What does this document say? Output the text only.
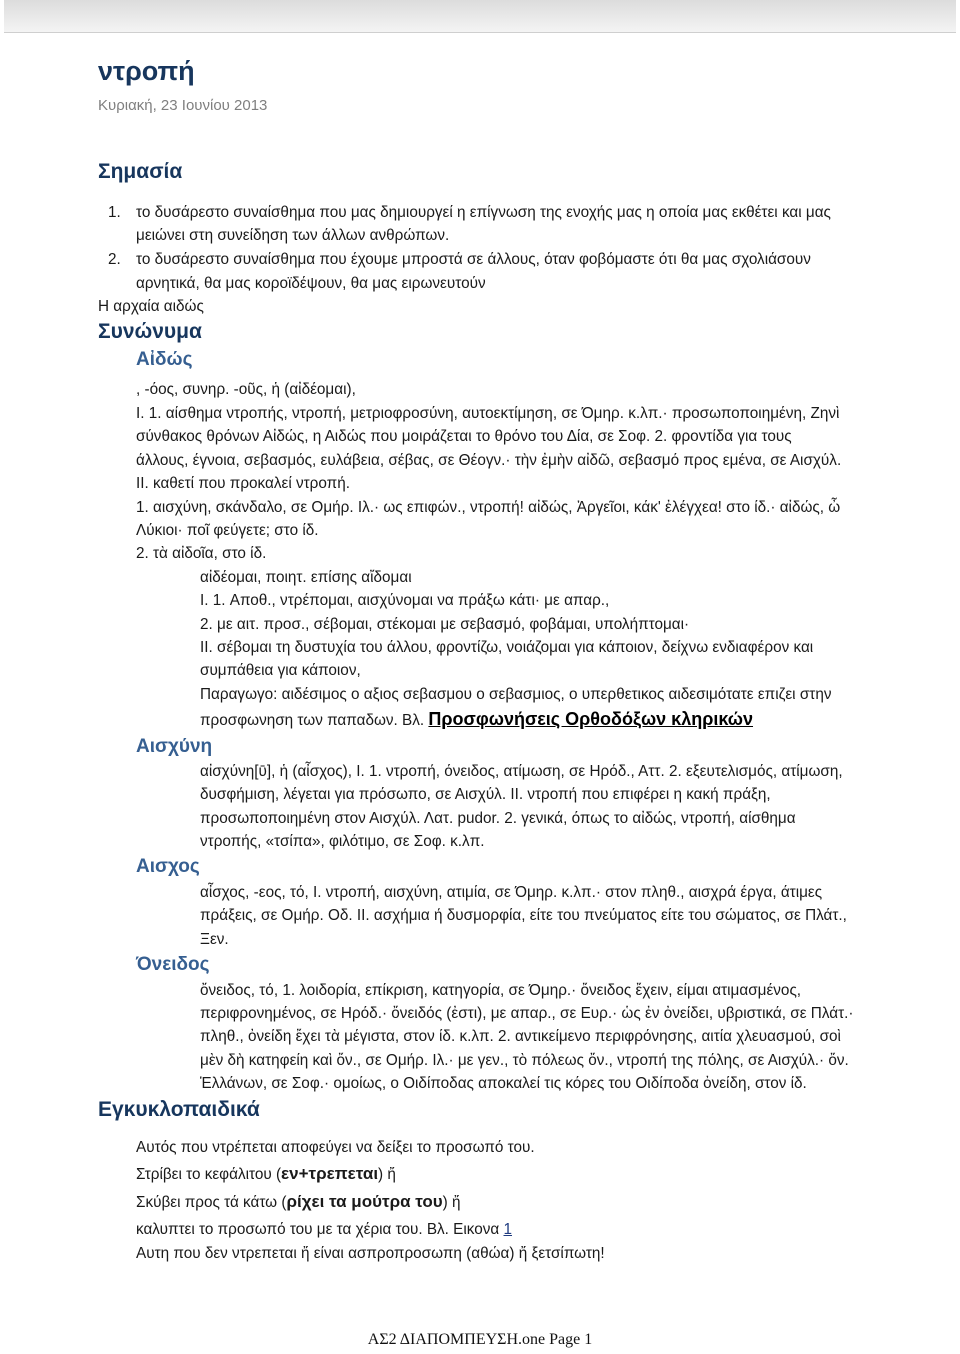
ντροπή
Κυριακή, 23 Ιουνίου 2013
Σημασία
1. το δυσάρεστο συναίσθημα που μας δημιουργεί η επίγνωση της ενοχής μας η οποία μας εκθέτει και μας

μειώνει στη συνείδηση των άλλων ανθρώπων.

2. το δυσάρεστο συναίσθημα που έχουμε μπροστά σε άλλους, όταν φοβόμαστε ότι θα μας σχολιάσουν

αρνητικά, θα μας κοροϊδέψουν, θα μας ειρωνευτούν

Η αρχαία αιδώς

Συνώνυμα
Αἰδώς

, -όος, συνηρ. -οῦς, ἡ (αἰδέομαι),

I. 1. αίσθημα ντροπής, ντροπή, μετριοφροσύνη, αυτοεκτίμηση, σε Όμηρ. κ.λπ.· προσωποποιημένη, Ζηνὶ

σύνθακος θρόνων Αἰδώς, η Αιδώς που μοιράζεται το θρόνο του Δία, σε Σοφ. 2. φροντίδα για τους

άλλους, έγνοια, σεβασμός, ευλάβεια, σέβας, σε Θέογν.· τὴν ἐμὴν αἰδῶ, σεβασμό προς εμένα, σε Αισχύλ.

II. καθετί που προκαλεί ντροπή.

1. αισχύνη, σκάνδαλο, σε Ομήρ. Ιλ.· ως επιφών., ντροπή! αἰδώς, Ἀργεῖοι, κάκ' ἐλέγχεα! στο ίδ.· αἰδώς, ὦ

Λύκιοι· ποῖ φεύγετε; στο ίδ.

2. τὰ αἰδοῖα, στο ίδ.

αἰδέομαι, ποιητ. επίσης αἴδομαι

I. 1. Αποθ., ντρέπομαι, αισχύνομαι να πράξω κάτι· με απαρ.,

2. με αιτ. προσ., σέβομαι, στέκομαι με σεβασμό, φοβάμαι, υπολήπτομαι·

II. σέβομαι τη δυστυχία του άλλου, φροντίζω, νοιάζομαι για κάποιον, δείχνω ενδιαφέρον και

συμπάθεια για κάποιον,

Παραγωγο: αιδέσιμος ο αξιος σεβασμου ο σεβασμιος, ο υπερθετικος αιδεσιμότατε επιζει στην

προσφωνηση των παπαδων. Βλ. Προσφωνήσεις Ορθοδόξων κληρικών

Αισχύνη

αἰσχύνη[ῡ], ἡ (αἶσχος), I. 1. ντροπή, όνειδος, ατίμωση, σε Ηρόδ., Αττ. 2. εξευτελισμός, ατίμωση,

δυσφήμιση, λέγεται για πρόσωπο, σε Αισχύλ. II. ντροπή που επιφέρει η κακή πράξη,

προσωποποιημένη στον Αισχύλ. Λατ. pudor. 2. γενικά, όπως το αἰδώς, ντροπή, αίσθημα

ντροπής, «τσίπα», φιλότιμο, σε Σοφ. κ.λπ.

Αισχος

αἶσχος, -εος, τό, I. ντροπή, αισχύνη, ατιμία, σε Όμηρ. κ.λπ.· στον πληθ., αισχρά έργα, άτιμες

πράξεις, σε Ομήρ. Οδ. II. ασχήμια ή δυσμορφία, είτε του πνεύματος είτε του σώματος, σε Πλάτ.,

Ξεν.

Όνειδος

ὄνειδος, τό, 1. λοιδορία, επίκριση, κατηγορία, σε Όμηρ.· ὄνειδος ἔχειν, είμαι ατιμασμένος,

περιφρονημένος, σε Ηρόδ.· ὄνειδός (ἐστι), με απαρ., σε Ευρ.· ὡς ἐν ὀνείδει, υβριστικά, σε Πλάτ.·

πληθ., ὀνείδη ἔχει τὰ μέγιστα, στον ίδ. κ.λπ. 2. αντικείμενο περιφρόνησης, αιτία χλευασμού, σοὶ

μὲν δὴ κατηφείη καὶ ὄν., σε Ομήρ. Ιλ.· με γεν., τὸ πόλεως ὄν., ντροπή της πόλης, σε Αισχύλ.· ὄν.

Ἑλλάνων, σε Σοφ.· ομοίως, ο Οιδίποδας αποκαλεί τις κόρες του Οιδίποδα ὀνείδη, στον ίδ.

Εγκυκλοπαιδικά
Αυτός που ντρέπεται αποφεύγει να δείξει το προσωπό του.
Στρίβει το κεφάλιτου (εν+τρεπεται) ἤ
Σκύβει προς τά κάτω (ρίχει τα μούτρα του) ἤ
καλυπτει το προσωπό του με τα χέρια του. Βλ. Εικονα 1
Αυτη που δεν ντρεπεται ἤ είναι ασπροπροσωπη (αθώα) ἤ ξετσίπωτη!
ΑΣ2 ΔΙΑΠΟΜΠΕΥΣΗ.one Page 1
